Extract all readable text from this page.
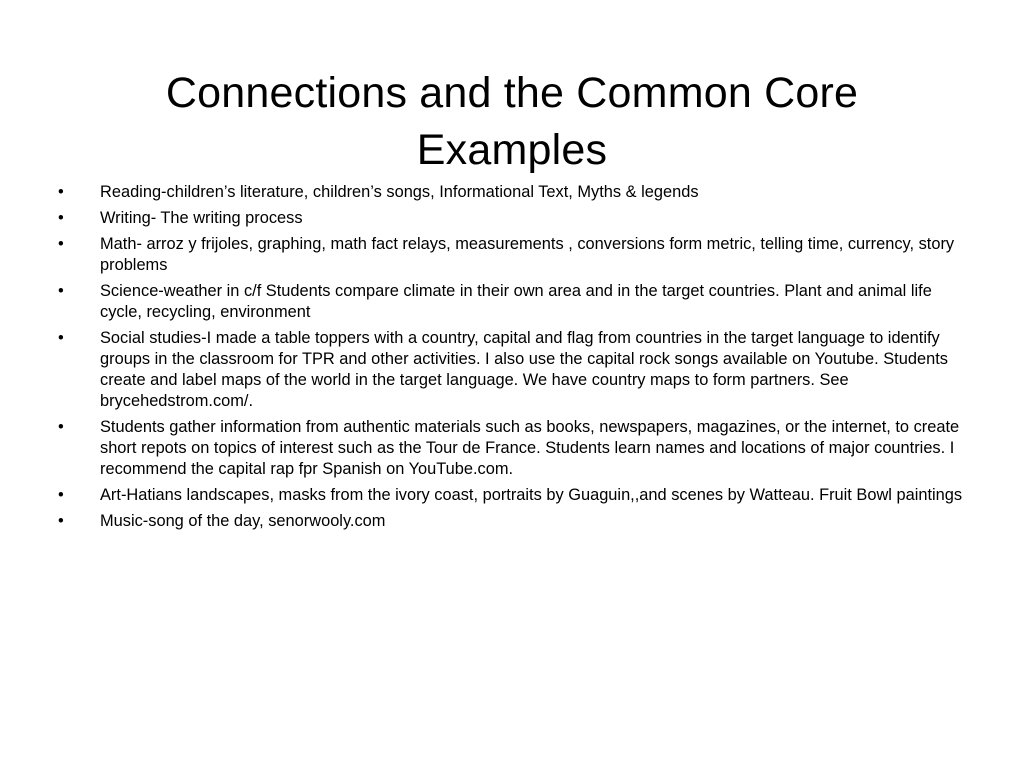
Connections and the Common Core
Examples
•	Reading-children’s literature, children’s songs, Informational Text, Myths & legends
•	Writing- The writing process
•	Math- arroz y frijoles, graphing, math fact relays, measurements , conversions form metric, telling time, currency, story problems
•	Science-weather in c/f Students compare climate in their own area and in the target countries. Plant and animal life cycle, recycling, environment
•	Social studies-I made a table toppers with a country, capital and flag from countries in the target language to identify groups in the classroom for TPR and other activities. I also use the capital rock songs available on Youtube. Students create and label maps of the world in the target language. We have country maps to form partners. See brycehedstrom.com/.
•	Students gather information from authentic materials such as books, newspapers, magazines, or the internet, to create short repots on topics of interest such as the Tour de France. Students learn names and locations of major countries. I recommend the capital rap fpr Spanish on YouTube.com.
•	Art-Hatians landscapes, masks from the ivory coast, portraits by Guaguin,,and scenes by Watteau. Fruit Bowl paintings
•	Music-song of the day, senorwooly.com
